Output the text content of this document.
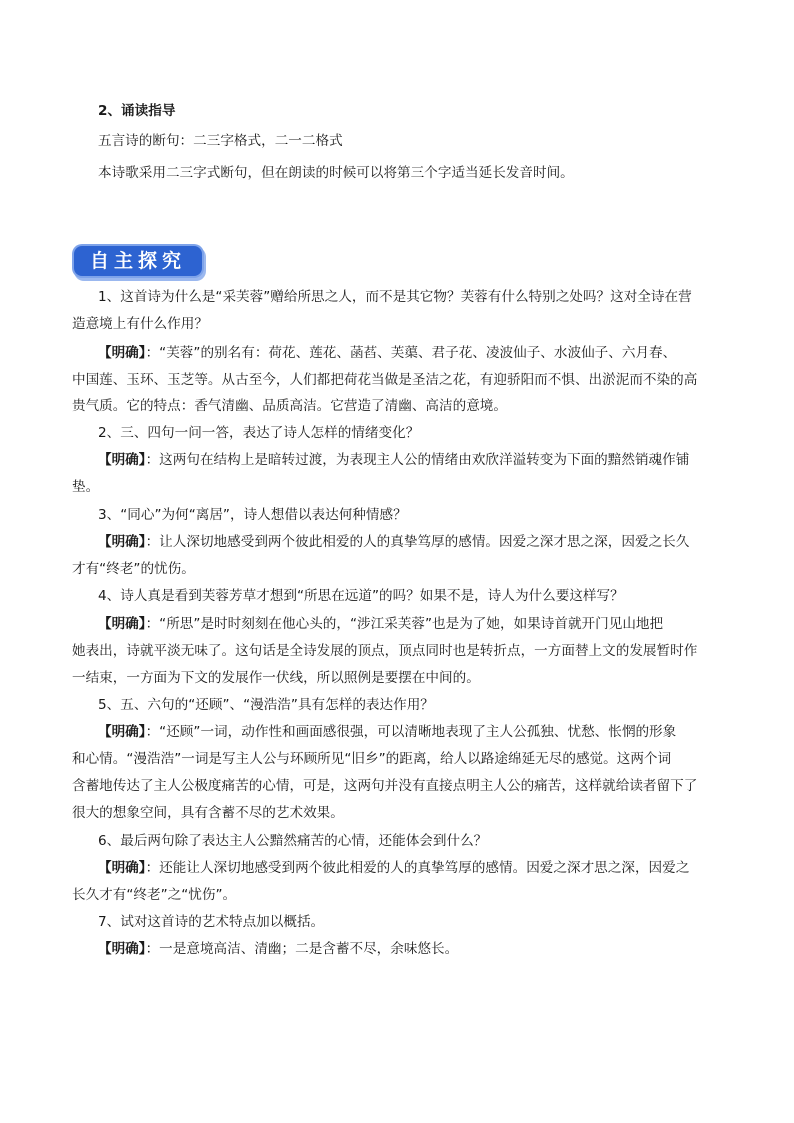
2、诵读指导
五言诗的断句：二三字格式，二一二格式
本诗歌采用二三字式断句，但在朗读的时候可以将第三个字适当延长发音时间。
自主探究
1、这首诗为什么是“采芙蓉”赠给所思之人，而不是其它物？芙蓉有什么特别之处吗？这对全诗在营
造意境上有什么作用？
【明确】：“芙蓉”的别名有：荷花、莲花、菡萏、芙蕖、君子花、凌波仙子、水波仙子、六月春、
中国莲、玉环、玉芝等。从古至今，人们都把荷花当做是圣洁之花，有迎骄阳而不惧、出淤泥而不染的高
贵气质。它的特点：香气清幽、品质高洁。它营造了清幽、高洁的意境。
2、三、四句一问一答，表达了诗人怎样的情绪变化？
【明确】：这两句在结构上是暗转过渡，为表现主人公的情绪由欢欣洋溢转变为下面的黯然销魂作铺
垫。
3、“同心”为何“离居”，诗人想借以表达何种情感？
【明确】：让人深切地感受到两个彼此相爱的人的真挚笃厚的感情。因爱之深才思之深，因爱之长久
才有“终老”的忧伤。
4、诗人真是看到芙蓉芳草才想到“所思在远道”的吗？如果不是，诗人为什么要这样写？
【明确】：“所思”是时时刻刻在他心头的，“涉江采芙蓉”也是为了她，如果诗首就开门见山地把
她表出，诗就平淡无味了。这句话是全诗发展的顶点，顶点同时也是转折点，一方面替上文的发展暂时作
一结束，一方面为下文的发展作一伏线，所以照例是要摆在中间的。
5、五、六句的“还顾”、“漫浩浩”具有怎样的表达作用？
【明确】：“还顾”一词，动作性和画面感很强，可以清晰地表现了主人公孤独、忧愁、怅惘的形象
和心情。“漫浩浩”一词是写主人公与环顾所见“旧乡”的距离，给人以路途绵延无尽的感觉。这两个词
含蓄地传达了主人公极度痛苦的心情，可是，这两句并没有直接点明主人公的痛苦，这样就给读者留下了
很大的想象空间，具有含蓄不尽的艺术效果。
6、最后两句除了表达主人公黯然痛苦的心情，还能体会到什么？
【明确】：还能让人深切地感受到两个彼此相爱的人的真挚笃厚的感情。因爱之深才思之深，因爱之
长久才有“终老”之“忧伤”。
7、试对这首诗的艺术特点加以概括。
【明确】：一是意境高洁、清幽；二是含蓄不尽，余味悠长。
